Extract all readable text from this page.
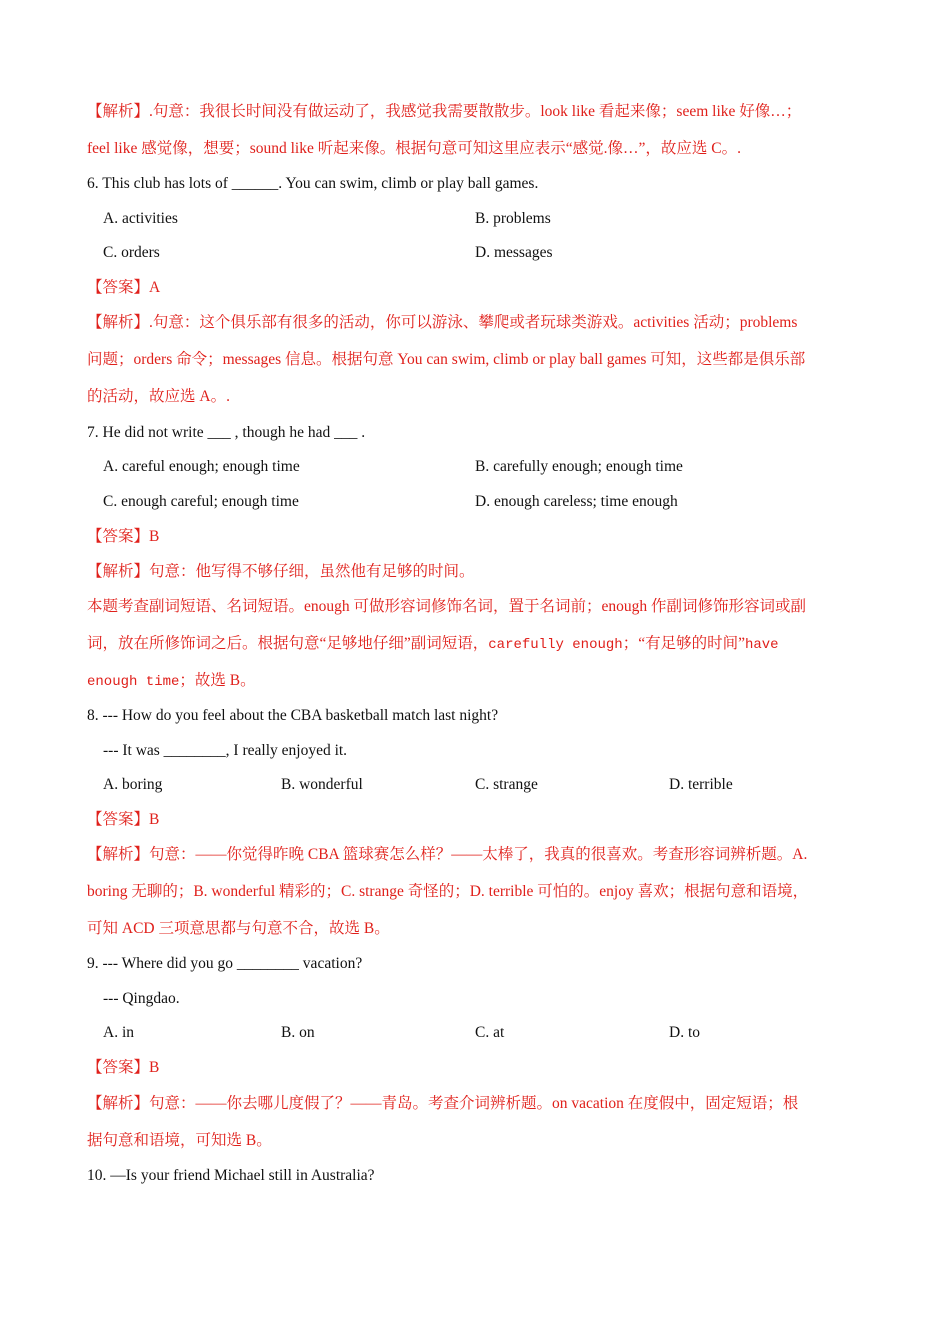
【解析】.句意：我很长时间没有做运动了，我感觉我需要散散步。look like 看起来像；seem like 好像…；
feel like 感觉像，想要；sound like 听起来像。根据句意可知这里应表示“感觉.像…”，故应选 C。.
6. This club has lots of ______. You can swim, climb or play ball games.
A. activities	B. problems
C. orders	D. messages
【答案】A
【解析】.句意：这个俱乐部有很多的活动，你可以游泳、攀爬或者玩球类游戏。activities 活动；problems
问题；orders 命令；messages 信息。根据句意 You can swim, climb or play ball games 可知，这些都是俱乐部
的活动，故应选 A。.
7. He did not write ___ , though he had ___ .
A. careful enough; enough time	B. carefully enough; enough time
C. enough careful; enough time	D. enough careless; time enough
【答案】B
【解析】句意：他写得不够仔细，虽然他有足够的时间。
本题考查副词短语、名词短语。enough 可做形容词修饰名词，置于名词前；enough 作副词修饰形容词或副
词，放在所修饰词之后。根据句意“足够地仔细”副词短语，carefully enough；“有足够的时间”have
enough time；故选 B。
8. --- How do you feel about the CBA basketball match last night?
--- It was ________, I really enjoyed it.
A. boring	B. wonderful	C. strange	D. terrible
【答案】B
【解析】句意：——你觉得昨晚 CBA 篮球赛怎么样？——太棒了，我真的很喜欢。考查形容词辨析题。A.
boring 无聊的；B. wonderful 精彩的；C. strange 奇怪的；D. terrible 可怕的。enjoy 喜欢；根据句意和语境，
可知 ACD 三项意思都与句意不合，故选 B。
9. --- Where did you go ________ vacation?
--- Qingdao.
A. in	B. on	C. at	D. to
【答案】B
【解析】句意：——你去哪儿度假了？——青岛。考查介词辨析题。on vacation 在度假中，固定短语；根
据句意和语境，可知选 B。
10. —Is your friend Michael still in Australia?
